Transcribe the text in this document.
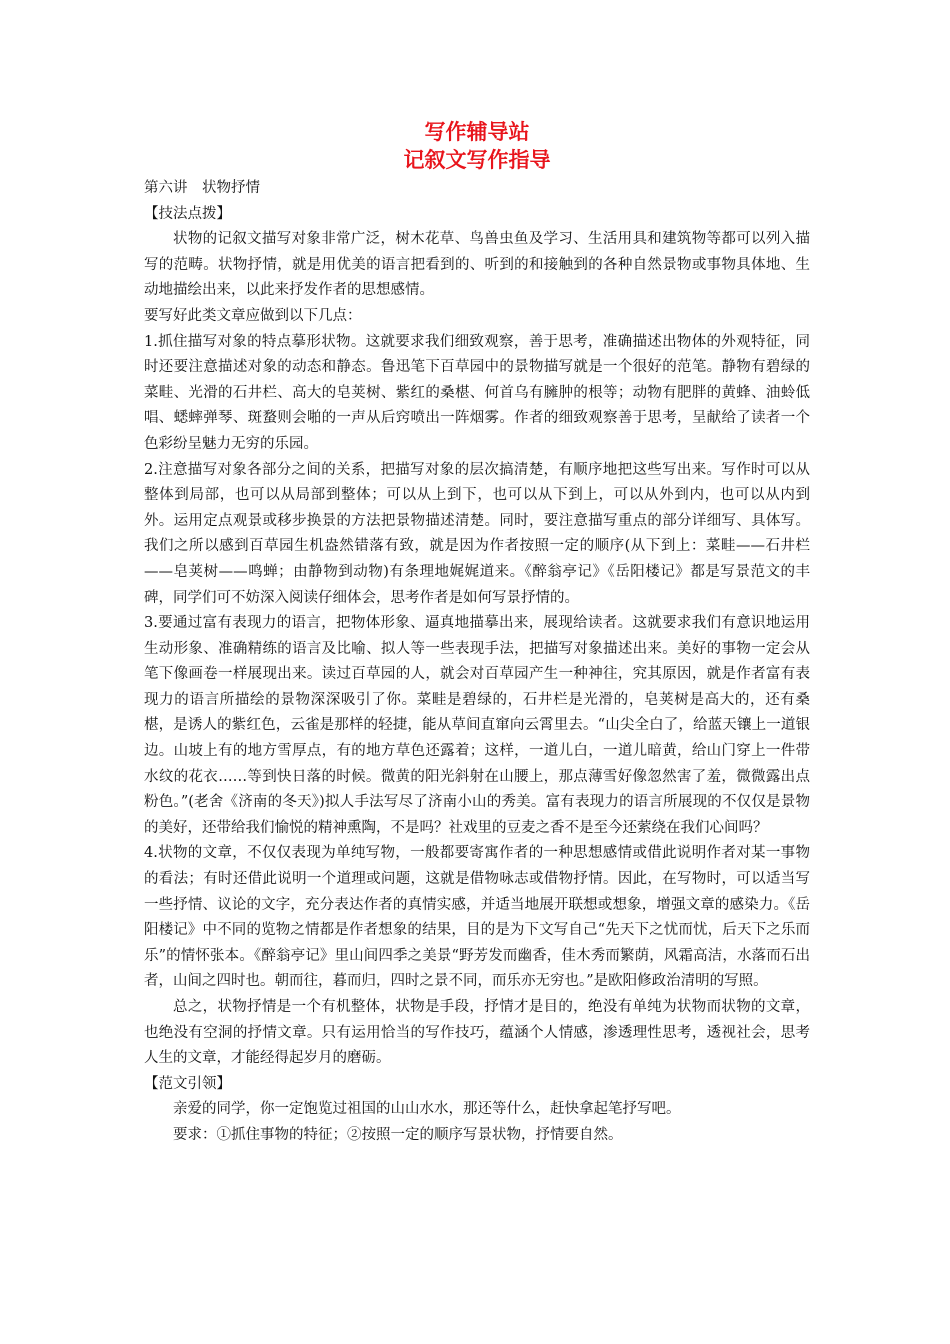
写作辅导站
记叙文写作指导

第六讲　状物抒情

【技法点拨】

状物的记叙文描写对象非常广泛，树木花草、鸟兽虫鱼及学习、生活用具和建筑物等都可以列入描写的范畴。状物抒情，就是用优美的语言把看到的、听到的和接触到的各种自然景物或事物具体地、生动地描绘出来，以此来抒发作者的思想感情。

要写好此类文章应做到以下几点：

1.抓住描写对象的特点摹形状物。这就要求我们细致观察，善于思考，准确描述出物体的外观特征，同时还要注意描述对象的动态和静态。鲁迅笔下百草园中的景物描写就是一个很好的范笔。静物有碧绿的菜畦、光滑的石井栏、高大的皂荚树、紫红的桑椹、何首乌有臃肿的根等；动物有肥胖的黄蜂、油蛉低唱、蟋蟀弹琴、斑蝥则会啪的一声从后窍喷出一阵烟雾。作者的细致观察善于思考，呈献给了读者一个色彩纷呈魅力无穷的乐园。

2.注意描写对象各部分之间的关系，把描写对象的层次搞清楚，有顺序地把这些写出来。写作时可以从整体到局部，也可以从局部到整体；可以从上到下，也可以从下到上，可以从外到内，也可以从内到外。运用定点观景或移步换景的方法把景物描述清楚。同时，要注意描写重点的部分详细写、具体写。我们之所以感到百草园生机盎然错落有致，就是因为作者按照一定的顺序(从下到上：菜畦——石井栏——皂荚树——鸣蝉；由静物到动物)有条理地娓娓道来。《醉翁亭记》《岳阳楼记》都是写景范文的丰碑，同学们可不妨深入阅读仔细体会，思考作者是如何写景抒情的。

3.要通过富有表现力的语言，把物体形象、逼真地描摹出来，展现给读者。这就要求我们有意识地运用生动形象、准确精练的语言及比喻、拟人等一些表现手法，把描写对象描述出来。美好的事物一定会从笔下像画卷一样展现出来。读过百草园的人，就会对百草园产生一种神往，究其原因，就是作者富有表现力的语言所描绘的景物深深吸引了你。菜畦是碧绿的，石井栏是光滑的，皂荚树是高大的，还有桑椹，是诱人的紫红色，云雀是那样的轻捷，能从草间直窜向云霄里去。“山尖全白了，给蓝天镶上一道银边。山坡上有的地方雪厚点，有的地方草色还露着；这样，一道儿白，一道儿暗黄，给山门穿上一件带水纹的花衣……等到快日落的时候。微黄的阳光斜射在山腰上，那点薄雪好像忽然害了羞，微微露出点粉色。”(老舍《济南的冬天》)拟人手法写尽了济南小山的秀美。富有表现力的语言所展现的不仅仅是景物的美好，还带给我们愉悦的精神熏陶，不是吗？社戏里的豆麦之香不是至今还萦绕在我们心间吗？

4.状物的文章，不仅仅表现为单纯写物，一般都要寄寓作者的一种思想感情或借此说明作者对某一事物的看法；有时还借此说明一个道理或问题，这就是借物咏志或借物抒情。因此，在写物时，可以适当写一些抒情、议论的文字，充分表达作者的真情实感，并适当地展开联想或想象，增强文章的感染力。《岳阳楼记》中不同的览物之情都是作者想象的结果，目的是为下文写自己“先天下之忧而忧，后天下之乐而乐”的情怀张本。《醉翁亭记》里山间四季之美景“野芳发而幽香，佳木秀而繁荫，风霜高洁，水落而石出者，山间之四时也。朝而往，暮而归，四时之景不同，而乐亦无穷也。”是欧阳修政治清明的写照。

总之，状物抒情是一个有机整体，状物是手段，抒情才是目的，绝没有单纯为状物而状物的文章，也绝没有空洞的抒情文章。只有运用恰当的写作技巧，蕴涵个人情感，渗透理性思考，透视社会，思考人生的文章，才能经得起岁月的磨砺。

【范文引领】

亲爱的同学，你一定饱览过祖国的山山水水，那还等什么，赶快拿起笔抒写吧。

要求：①抓住事物的特征；②按照一定的顺序写景状物，抒情要自然。
